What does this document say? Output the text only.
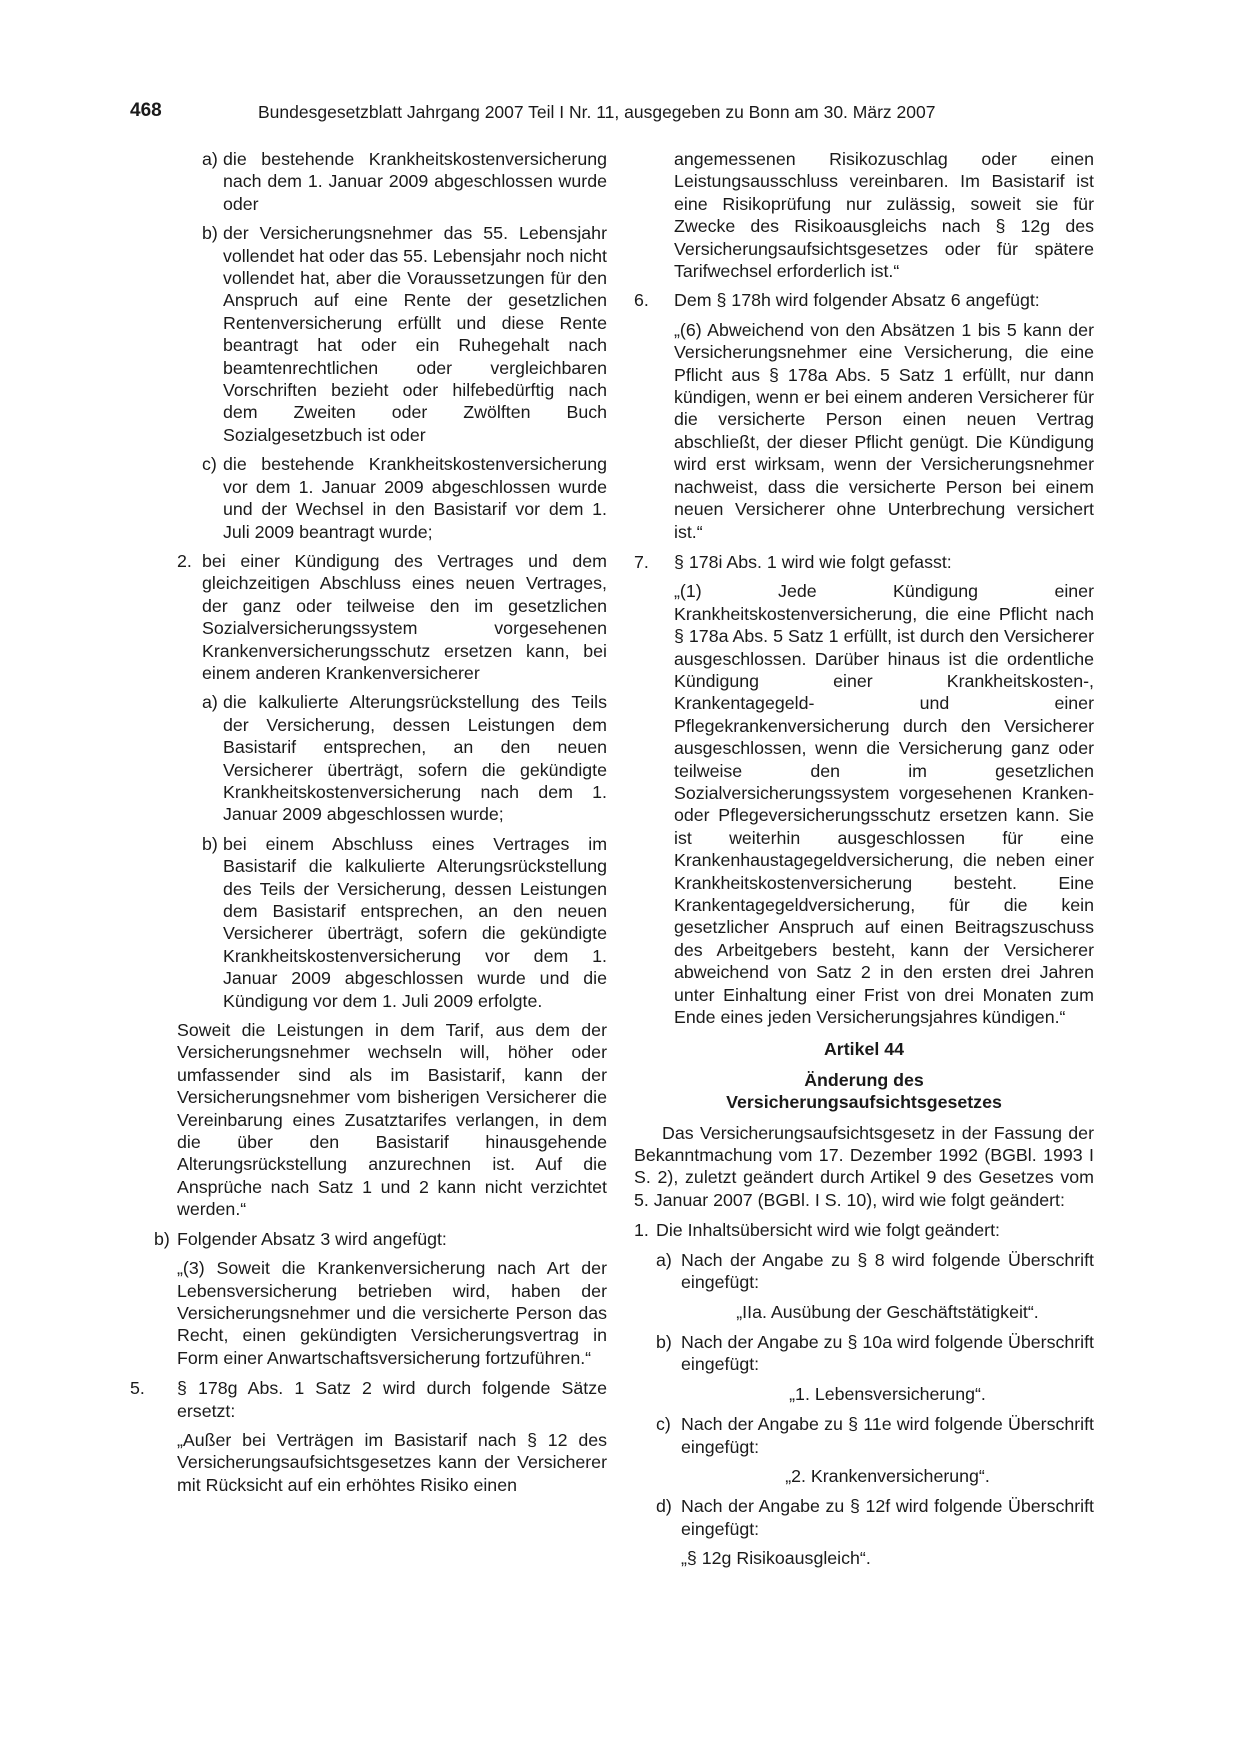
468	Bundesgesetzblatt Jahrgang 2007 Teil I Nr. 11, ausgegeben zu Bonn am 30. März 2007
a) die bestehende Krankheitskostenversicherung nach dem 1. Januar 2009 abgeschlossen wurde oder
b) der Versicherungsnehmer das 55. Lebensjahr vollendet hat oder das 55. Lebensjahr noch nicht vollendet hat, aber die Voraussetzungen für den Anspruch auf eine Rente der gesetzlichen Rentenversicherung erfüllt und diese Rente beantragt hat oder ein Ruhegehalt nach beamtenrechtlichen oder vergleichbaren Vorschriften bezieht oder hilfebedürftig nach dem Zweiten oder Zwölften Buch Sozialgesetzbuch ist oder
c) die bestehende Krankheitskostenversicherung vor dem 1. Januar 2009 abgeschlossen wurde und der Wechsel in den Basistarif vor dem 1. Juli 2009 beantragt wurde;
2. bei einer Kündigung des Vertrages und dem gleichzeitigen Abschluss eines neuen Vertrages, der ganz oder teilweise den im gesetzlichen Sozialversicherungssystem vorgesehenen Krankenversicherungsschutz ersetzen kann, bei einem anderen Krankenversicherer
a) die kalkulierte Alterungsrückstellung des Teils der Versicherung, dessen Leistungen dem Basistarif entsprechen, an den neuen Versicherer überträgt, sofern die gekündigte Krankheitskostenversicherung nach dem 1. Januar 2009 abgeschlossen wurde;
b) bei einem Abschluss eines Vertrages im Basistarif die kalkulierte Alterungsrückstellung des Teils der Versicherung, dessen Leistungen dem Basistarif entsprechen, an den neuen Versicherer überträgt, sofern die gekündigte Krankheitskostenversicherung vor dem 1. Januar 2009 abgeschlossen wurde und die Kündigung vor dem 1. Juli 2009 erfolgte.

Soweit die Leistungen in dem Tarif, aus dem der Versicherungsnehmer wechseln will, höher oder umfassender sind als im Basistarif, kann der Versicherungsnehmer vom bisherigen Versicherer die Vereinbarung eines Zusatztarifes verlangen, in dem die über den Basistarif hinausgehende Alterungsrückstellung anzurechnen ist. Auf die Ansprüche nach Satz 1 und 2 kann nicht verzichtet werden.“

b) Folgender Absatz 3 wird angefügt:

„(3) Soweit die Krankenversicherung nach Art der Lebensversicherung betrieben wird, haben der Versicherungsnehmer und die versicherte Person das Recht, einen gekündigten Versicherungsvertrag in Form einer Anwartschaftsversicherung fortzuführen.“

5.	§ 178g Abs. 1 Satz 2 wird durch folgende Sätze ersetzt:

„Außer bei Verträgen im Basistarif nach § 12 des Versicherungsaufsichtsgesetzes kann der Versicherer mit Rücksicht auf ein erhöhtes Risiko einen

angemessenen Risikozuschlag oder einen Leistungsausschluss vereinbaren. Im Basistarif ist eine Risikoprüfung nur zulässig, soweit sie für Zwecke des Risikoausgleichs nach § 12g des Versicherungsaufsichtsgesetzes oder für spätere Tarifwechsel erforderlich ist.“

6.	Dem § 178h wird folgender Absatz 6 angefügt:

„(6) Abweichend von den Absätzen 1 bis 5 kann der Versicherungsnehmer eine Versicherung, die eine Pflicht aus § 178a Abs. 5 Satz 1 erfüllt, nur dann kündigen, wenn er bei einem anderen Versicherer für die versicherte Person einen neuen Vertrag abschließt, der dieser Pflicht genügt. Die Kündigung wird erst wirksam, wenn der Versicherungsnehmer nachweist, dass die versicherte Person bei einem neuen Versicherer ohne Unterbrechung versichert ist.“

7.	§ 178i Abs. 1 wird wie folgt gefasst:

„(1) Jede Kündigung einer Krankheitskostenversicherung, die eine Pflicht nach § 178a Abs. 5 Satz 1 erfüllt, ist durch den Versicherer ausgeschlossen. Darüber hinaus ist die ordentliche Kündigung einer Krankheitskosten-, Krankentagegeld- und einer Pflegekrankenversicherung durch den Versicherer ausgeschlossen, wenn die Versicherung ganz oder teilweise den im gesetzlichen Sozialversicherungssystem vorgesehenen Kranken- oder Pflegeversicherungsschutz ersetzen kann. Sie ist weiterhin ausgeschlossen für eine Krankenhaustagegeldversicherung, die neben einer Krankheitskostenversicherung besteht. Eine Krankentagegeldversicherung, für die kein gesetzlicher Anspruch auf einen Beitragszuschuss des Arbeitgebers besteht, kann der Versicherer abweichend von Satz 2 in den ersten drei Jahren unter Einhaltung einer Frist von drei Monaten zum Ende eines jeden Versicherungsjahres kündigen.“

Artikel 44
Änderung des
Versicherungsaufsichtsgesetzes

Das Versicherungsaufsichtsgesetz in der Fassung der Bekanntmachung vom 17. Dezember 1992 (BGBl. 1993 I S. 2), zuletzt geändert durch Artikel 9 des Gesetzes vom 5. Januar 2007 (BGBl. I S. 10), wird wie folgt geändert:

1. Die Inhaltsübersicht wird wie folgt geändert:
a) Nach der Angabe zu § 8 wird folgende Überschrift eingefügt:
„IIa. Ausübung der Geschäftstätigkeit“.
b) Nach der Angabe zu § 10a wird folgende Überschrift eingefügt:
„1. Lebensversicherung“.
c) Nach der Angabe zu § 11e wird folgende Überschrift eingefügt:
„2. Krankenversicherung“.
d) Nach der Angabe zu § 12f wird folgende Überschrift eingefügt:
„§ 12g Risikoausgleich“.
